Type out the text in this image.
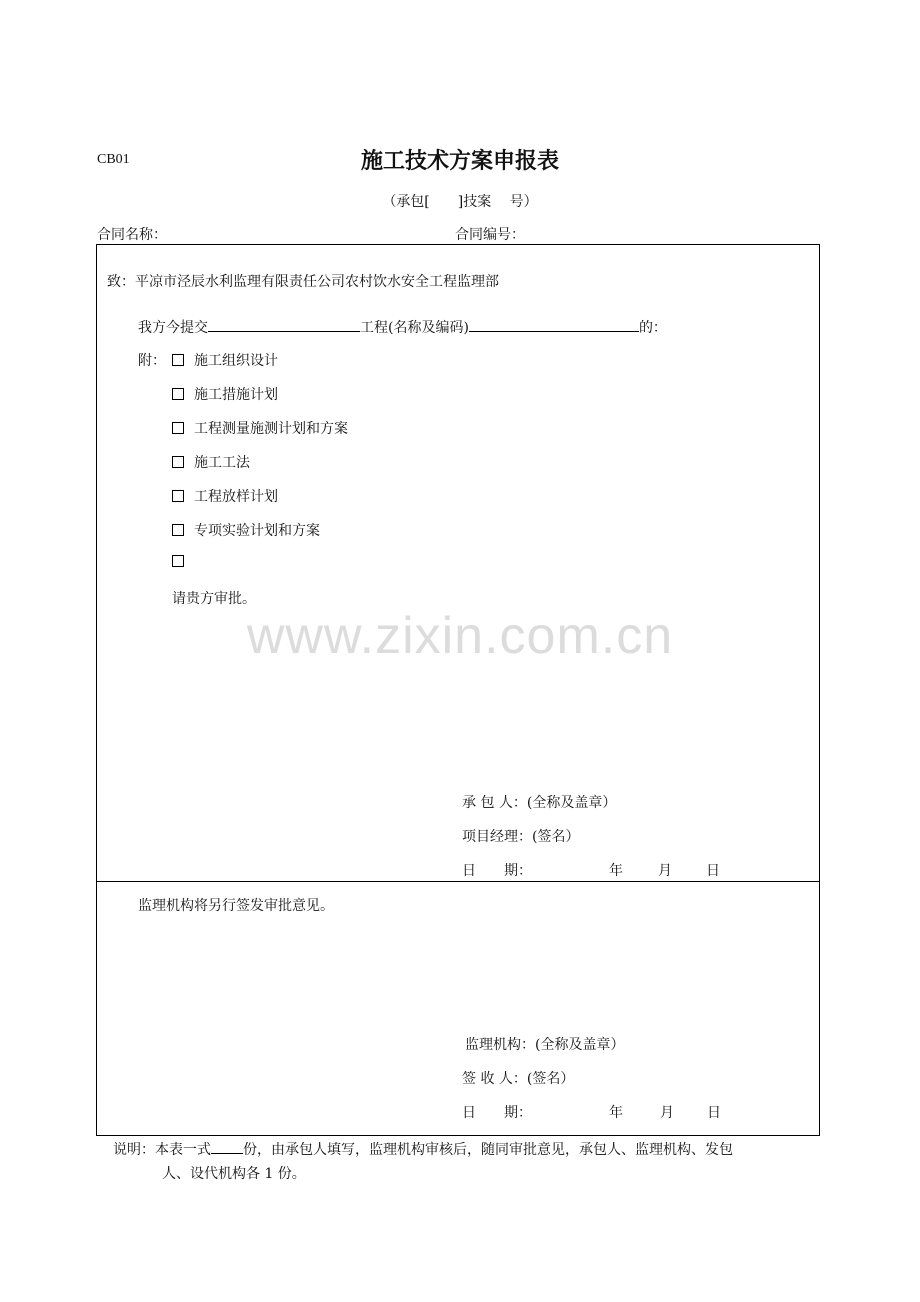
CB01	施工技术方案申报表
（承包[　　]技案　 号）
合同名称：	合同编号：
致：平凉市泾辰水利监理有限责任公司农村饮水安全工程监理部
我方今提交	工程(名称及编码)	的：
附：	施工组织设计
施工措施计划
工程测量施测计划和方案
施工工法
工程放样计划
专项实验计划和方案
请贵方审批。
www.zixin.com.cn
承 包 人：(全称及盖章）
项目经理：(签名）
日　　期：	年	月 日
监理机构将另行签发审批意见。
监理机构：(全称及盖章）
签 收 人：(签名）
日　　期：	年	月 日
说明：本表一式 份，由承包人填写，监理机构审核后，随同审批意见，承包人、监理机构、发包
人、设代机构各 1 份。
